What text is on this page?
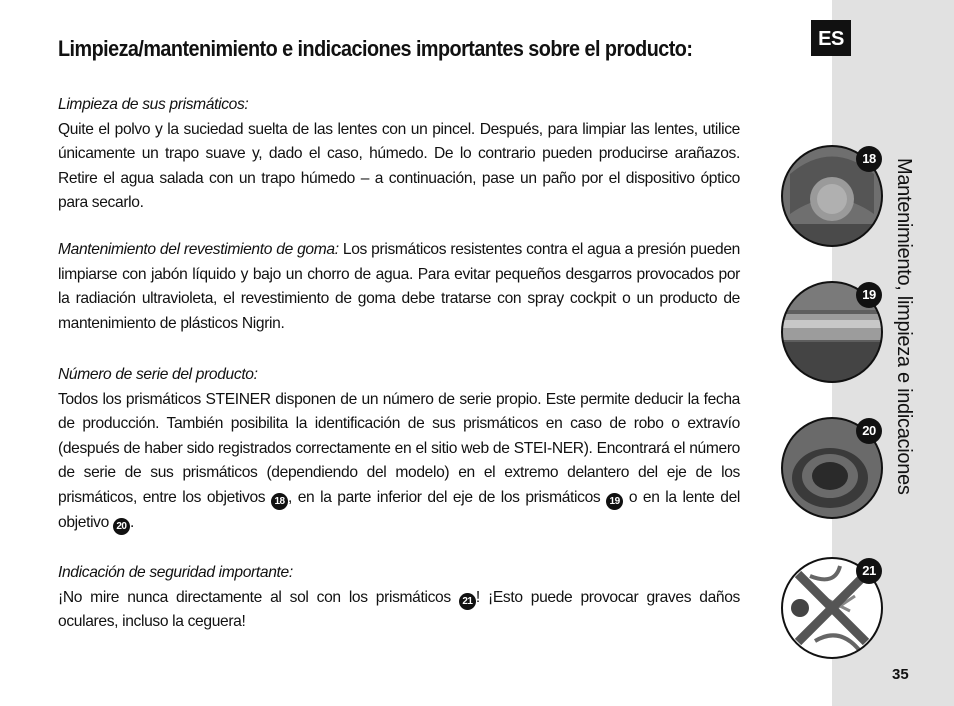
Limpieza/mantenimiento e indicaciones importantes sobre el producto:

Limpieza de sus prismáticos:

Quite el polvo y la suciedad suelta de las lentes con un pincel. Después, para limpiar las lentes, utilice únicamente un trapo suave y, dado el caso, húmedo. De lo contrario pueden producirse arañazos. Retire el agua salada con un trapo húmedo – a continuación, pase un paño por el dispositivo óptico para secarlo.

Mantenimiento del revestimiento de goma: Los prismáticos resistentes contra el agua a presión pueden limpiarse con jabón líquido y bajo un chorro de agua. Para evitar pequeños desgarros provocados por la radiación ultravioleta, el revestimiento de goma debe tratarse con spray cockpit o un producto de mantenimiento de plásticos Nigrin.

Número de serie del producto:

Todos los prismáticos STEINER disponen de un número de serie propio. Este permite deducir la fecha de producción. También posibilita la identificación de sus prismáticos en caso de robo o extravío (después de haber sido registrados correctamente en el sitio web de STEI-NER). Encontrará el número de serie de sus prismáticos (dependiendo del modelo) en el extremo delantero del eje de los prismáticos, entre los objetivos 18 , en la parte inferior del eje de los prismáticos 19 o en la lente del objetivo 20 .

Indicación de seguridad importante:

¡No mire nunca directamente al sol con los prismáticos 21 ! ¡Esto puede provocar graves daños oculares, incluso la ceguera!

ES
Mantenimiento, limpieza e indicaciones
18
19
20
21
35
